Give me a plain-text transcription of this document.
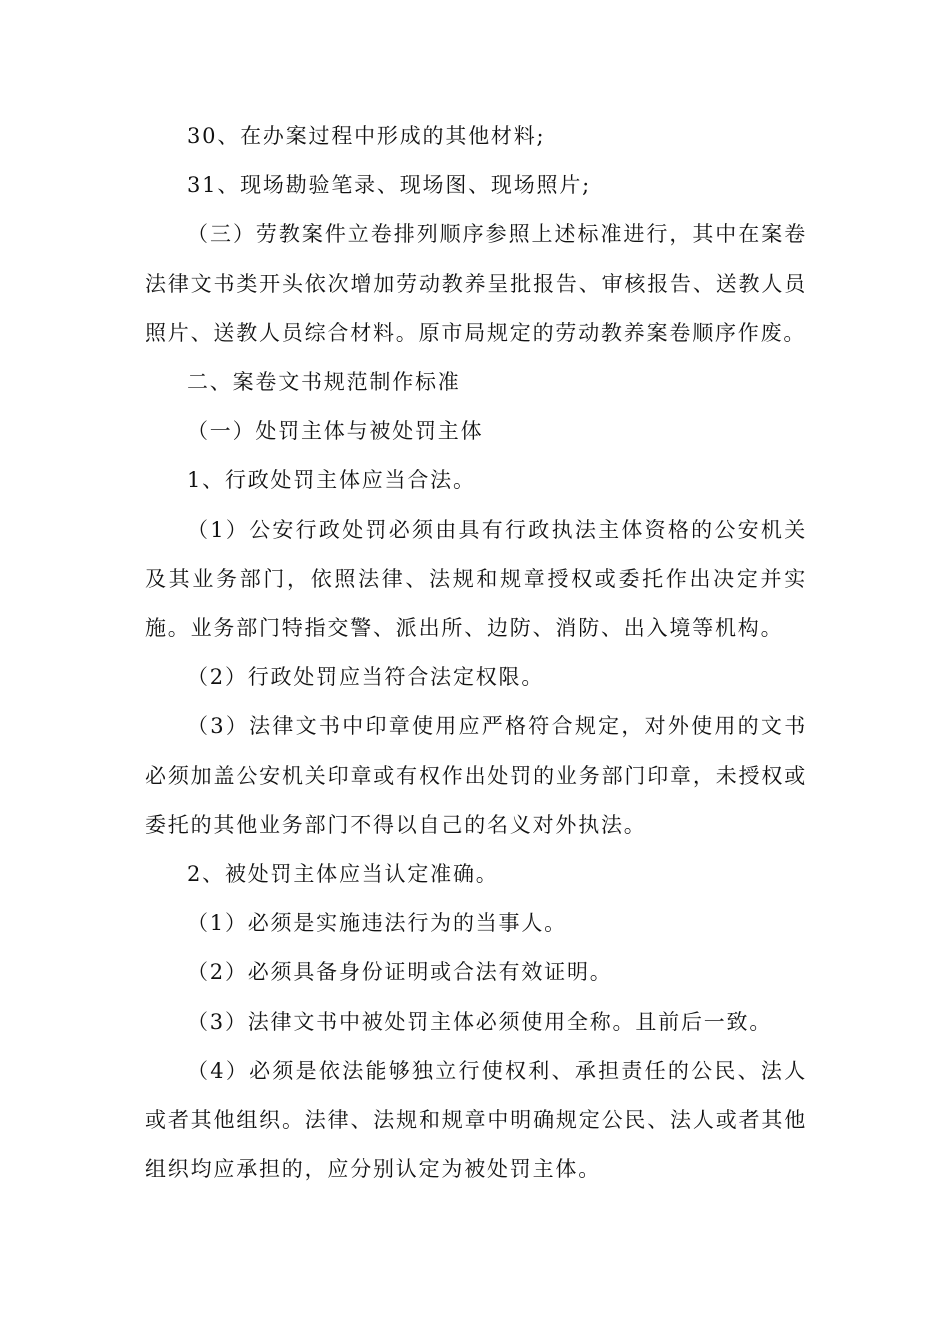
30、在办案过程中形成的其他材料;

31、现场勘验笔录、现场图、现场照片;

（三）劳教案件立卷排列顺序参照上述标准进行，其中在案卷法律文书类开头依次增加劳动教养呈批报告、审核报告、送教人员照片、送教人员综合材料。原市局规定的劳动教养案卷顺序作废。

二、案卷文书规范制作标准

（一）处罚主体与被处罚主体

1、行政处罚主体应当合法。

（1）公安行政处罚必须由具有行政执法主体资格的公安机关及其业务部门，依照法律、法规和规章授权或委托作出决定并实施。业务部门特指交警、派出所、边防、消防、出入境等机构。

（2）行政处罚应当符合法定权限。

（3）法律文书中印章使用应严格符合规定，对外使用的文书必须加盖公安机关印章或有权作出处罚的业务部门印章，未授权或委托的其他业务部门不得以自己的名义对外执法。

2、被处罚主体应当认定准确。

（1）必须是实施违法行为的当事人。

（2）必须具备身份证明或合法有效证明。

（3）法律文书中被处罚主体必须使用全称。且前后一致。

（4）必须是依法能够独立行使权利、承担责任的公民、法人或者其他组织。法律、法规和规章中明确规定公民、法人或者其他组织均应承担的，应分别认定为被处罚主体。
